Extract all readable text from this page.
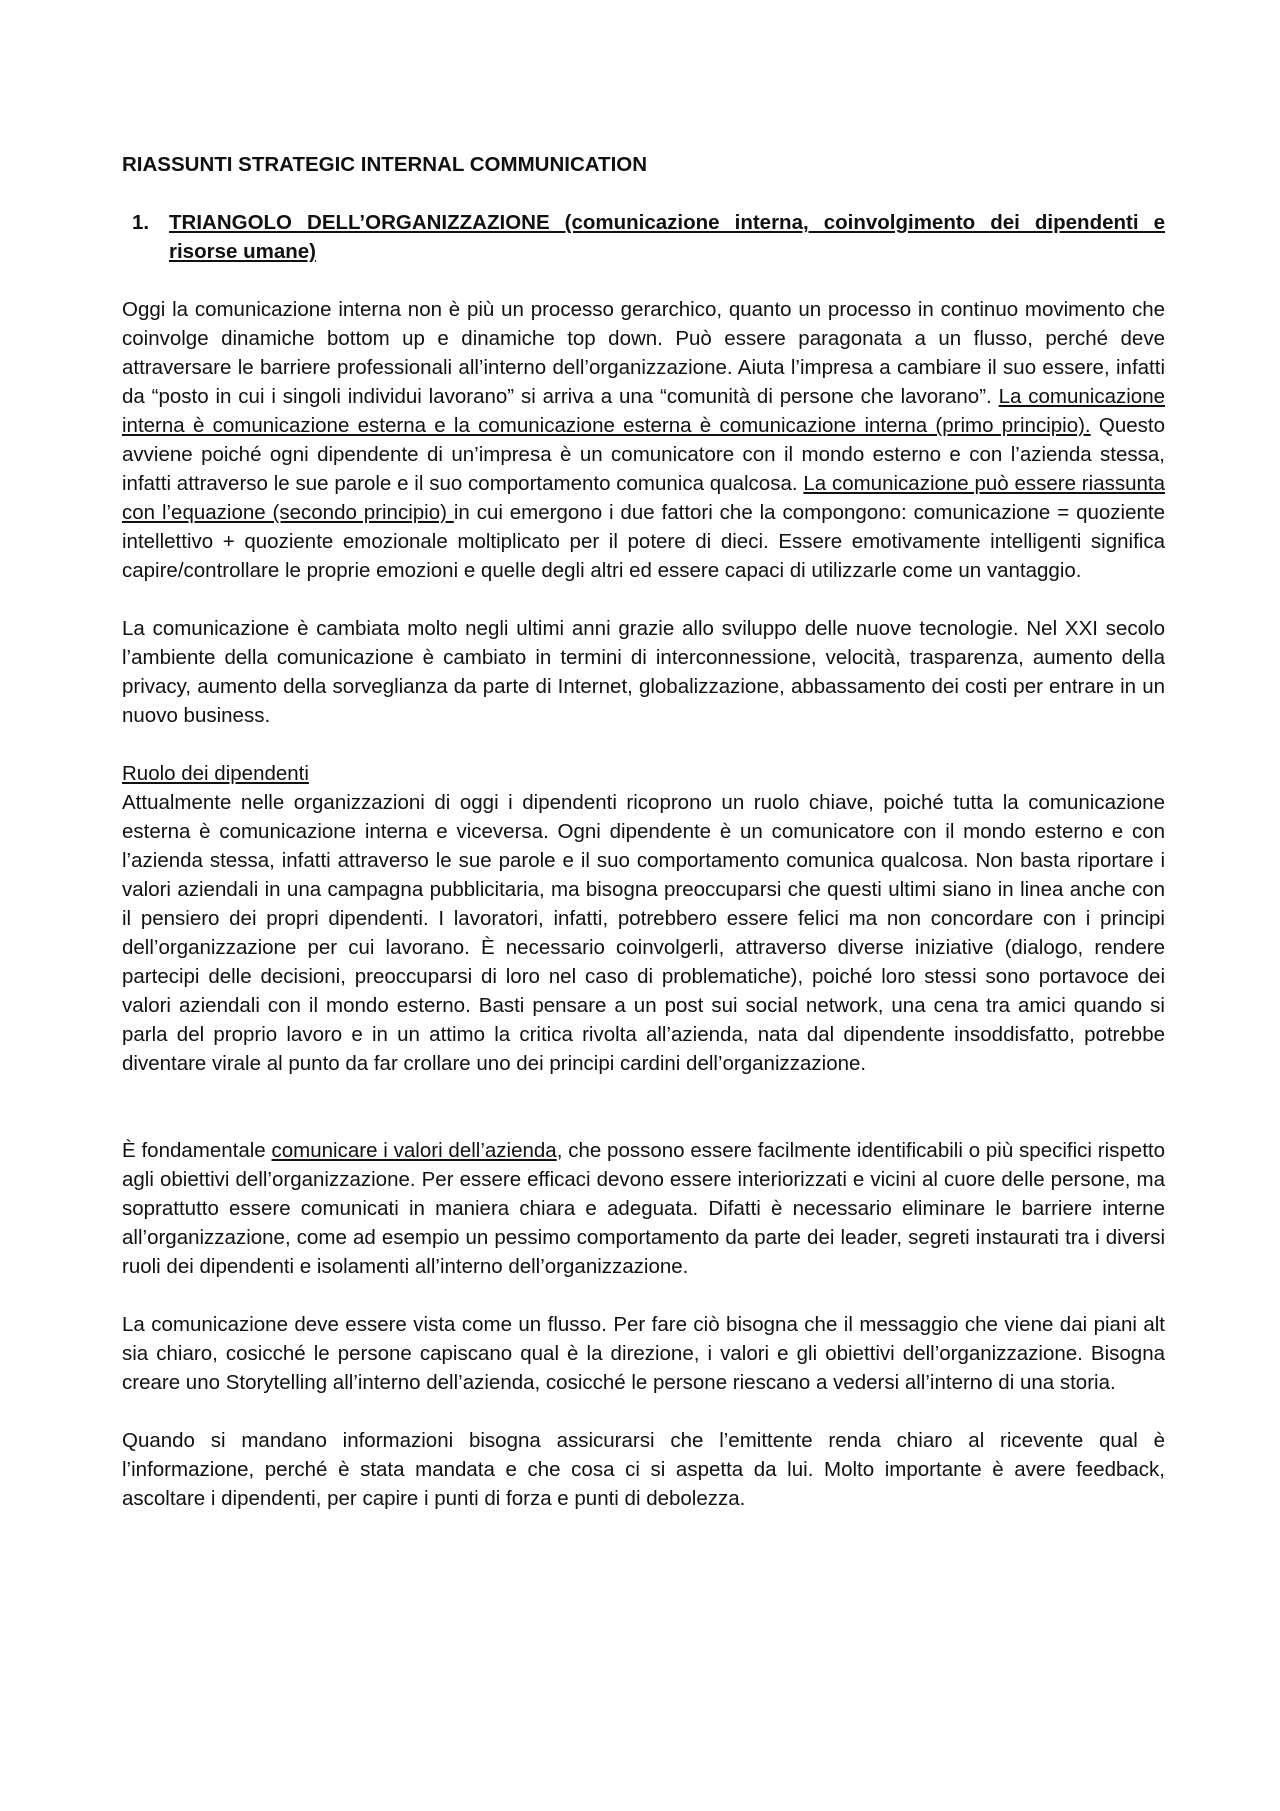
RIASSUNTI STRATEGIC INTERNAL COMMUNICATION
1. TRIANGOLO DELL’ORGANIZZAZIONE (comunicazione interna, coinvolgimento dei dipendenti e risorse umane)

Oggi la comunicazione interna non è più un processo gerarchico, quanto un processo in continuo movimento che coinvolge dinamiche bottom up e dinamiche top down. Può essere paragonata a un flusso, perché deve attraversare le barriere professionali all’interno dell’organizzazione. Aiuta l’impresa a cambiare il suo essere, infatti da “posto in cui i singoli individui lavorano” si arriva a una “comunità di persone che lavorano”. La comunicazione interna è comunicazione esterna e la comunicazione esterna è comunicazione interna (primo principio). Questo avviene poiché ogni dipendente di un’impresa è un comunicatore con il mondo esterno e con l’azienda stessa, infatti attraverso le sue parole e il suo comportamento comunica qualcosa. La comunicazione può essere riassunta con l’equazione (secondo principio) in cui emergono i due fattori che la compongono: comunicazione = quoziente intellettivo + quoziente emozionale moltiplicato per il potere di dieci. Essere emotivamente intelligenti significa capire/controllare le proprie emozioni e quelle degli altri ed essere capaci di utilizzarle come un vantaggio.

La comunicazione è cambiata molto negli ultimi anni grazie allo sviluppo delle nuove tecnologie. Nel XXI secolo l’ambiente della comunicazione è cambiato in termini di interconnessione, velocità, trasparenza, aumento della privacy, aumento della sorveglianza da parte di Internet, globalizzazione, abbassamento dei costi per entrare in un nuovo business.

Ruolo dei dipendenti

Attualmente nelle organizzazioni di oggi i dipendenti ricoprono un ruolo chiave, poiché tutta la comunicazione esterna è comunicazione interna e viceversa. Ogni dipendente è un comunicatore con il mondo esterno e con l’azienda stessa, infatti attraverso le sue parole e il suo comportamento comunica qualcosa. Non basta riportare i valori aziendali in una campagna pubblicitaria, ma bisogna preoccuparsi che questi ultimi siano in linea anche con il pensiero dei propri dipendenti. I lavoratori, infatti, potrebbero essere felici ma non concordare con i principi dell’organizzazione per cui lavorano. È necessario coinvolgerli, attraverso diverse iniziative (dialogo, rendere partecipi delle decisioni, preoccuparsi di loro nel caso di problematiche), poiché loro stessi sono portavoce dei valori aziendali con il mondo esterno. Basti pensare a un post sui social network, una cena tra amici quando si parla del proprio lavoro e in un attimo la critica rivolta all’azienda, nata dal dipendente insoddisfatto, potrebbe diventare virale al punto da far crollare uno dei principi cardini dell’organizzazione.

È fondamentale comunicare i valori dell’azienda, che possono essere facilmente identificabili o più specifici rispetto agli obiettivi dell’organizzazione. Per essere efficaci devono essere interiorizzati e vicini al cuore delle persone, ma soprattutto essere comunicati in maniera chiara e adeguata. Difatti è necessario eliminare le barriere interne all’organizzazione, come ad esempio un pessimo comportamento da parte dei leader, segreti instaurati tra i diversi ruoli dei dipendenti e isolamenti all’interno dell’organizzazione.

La comunicazione deve essere vista come un flusso. Per fare ciò bisogna che il messaggio che viene dai piani alt sia chiaro, cosicché le persone capiscano qual è la direzione, i valori e gli obiettivi dell’organizzazione. Bisogna creare uno Storytelling all’interno dell’azienda, cosicché le persone riescano a vedersi all’interno di una storia.

Quando si mandano informazioni bisogna assicurarsi che l’emittente renda chiaro al ricevente qual è l’informazione, perché è stata mandata e che cosa ci si aspetta da lui. Molto importante è avere feedback, ascoltare i dipendenti, per capire i punti di forza e punti di debolezza.
